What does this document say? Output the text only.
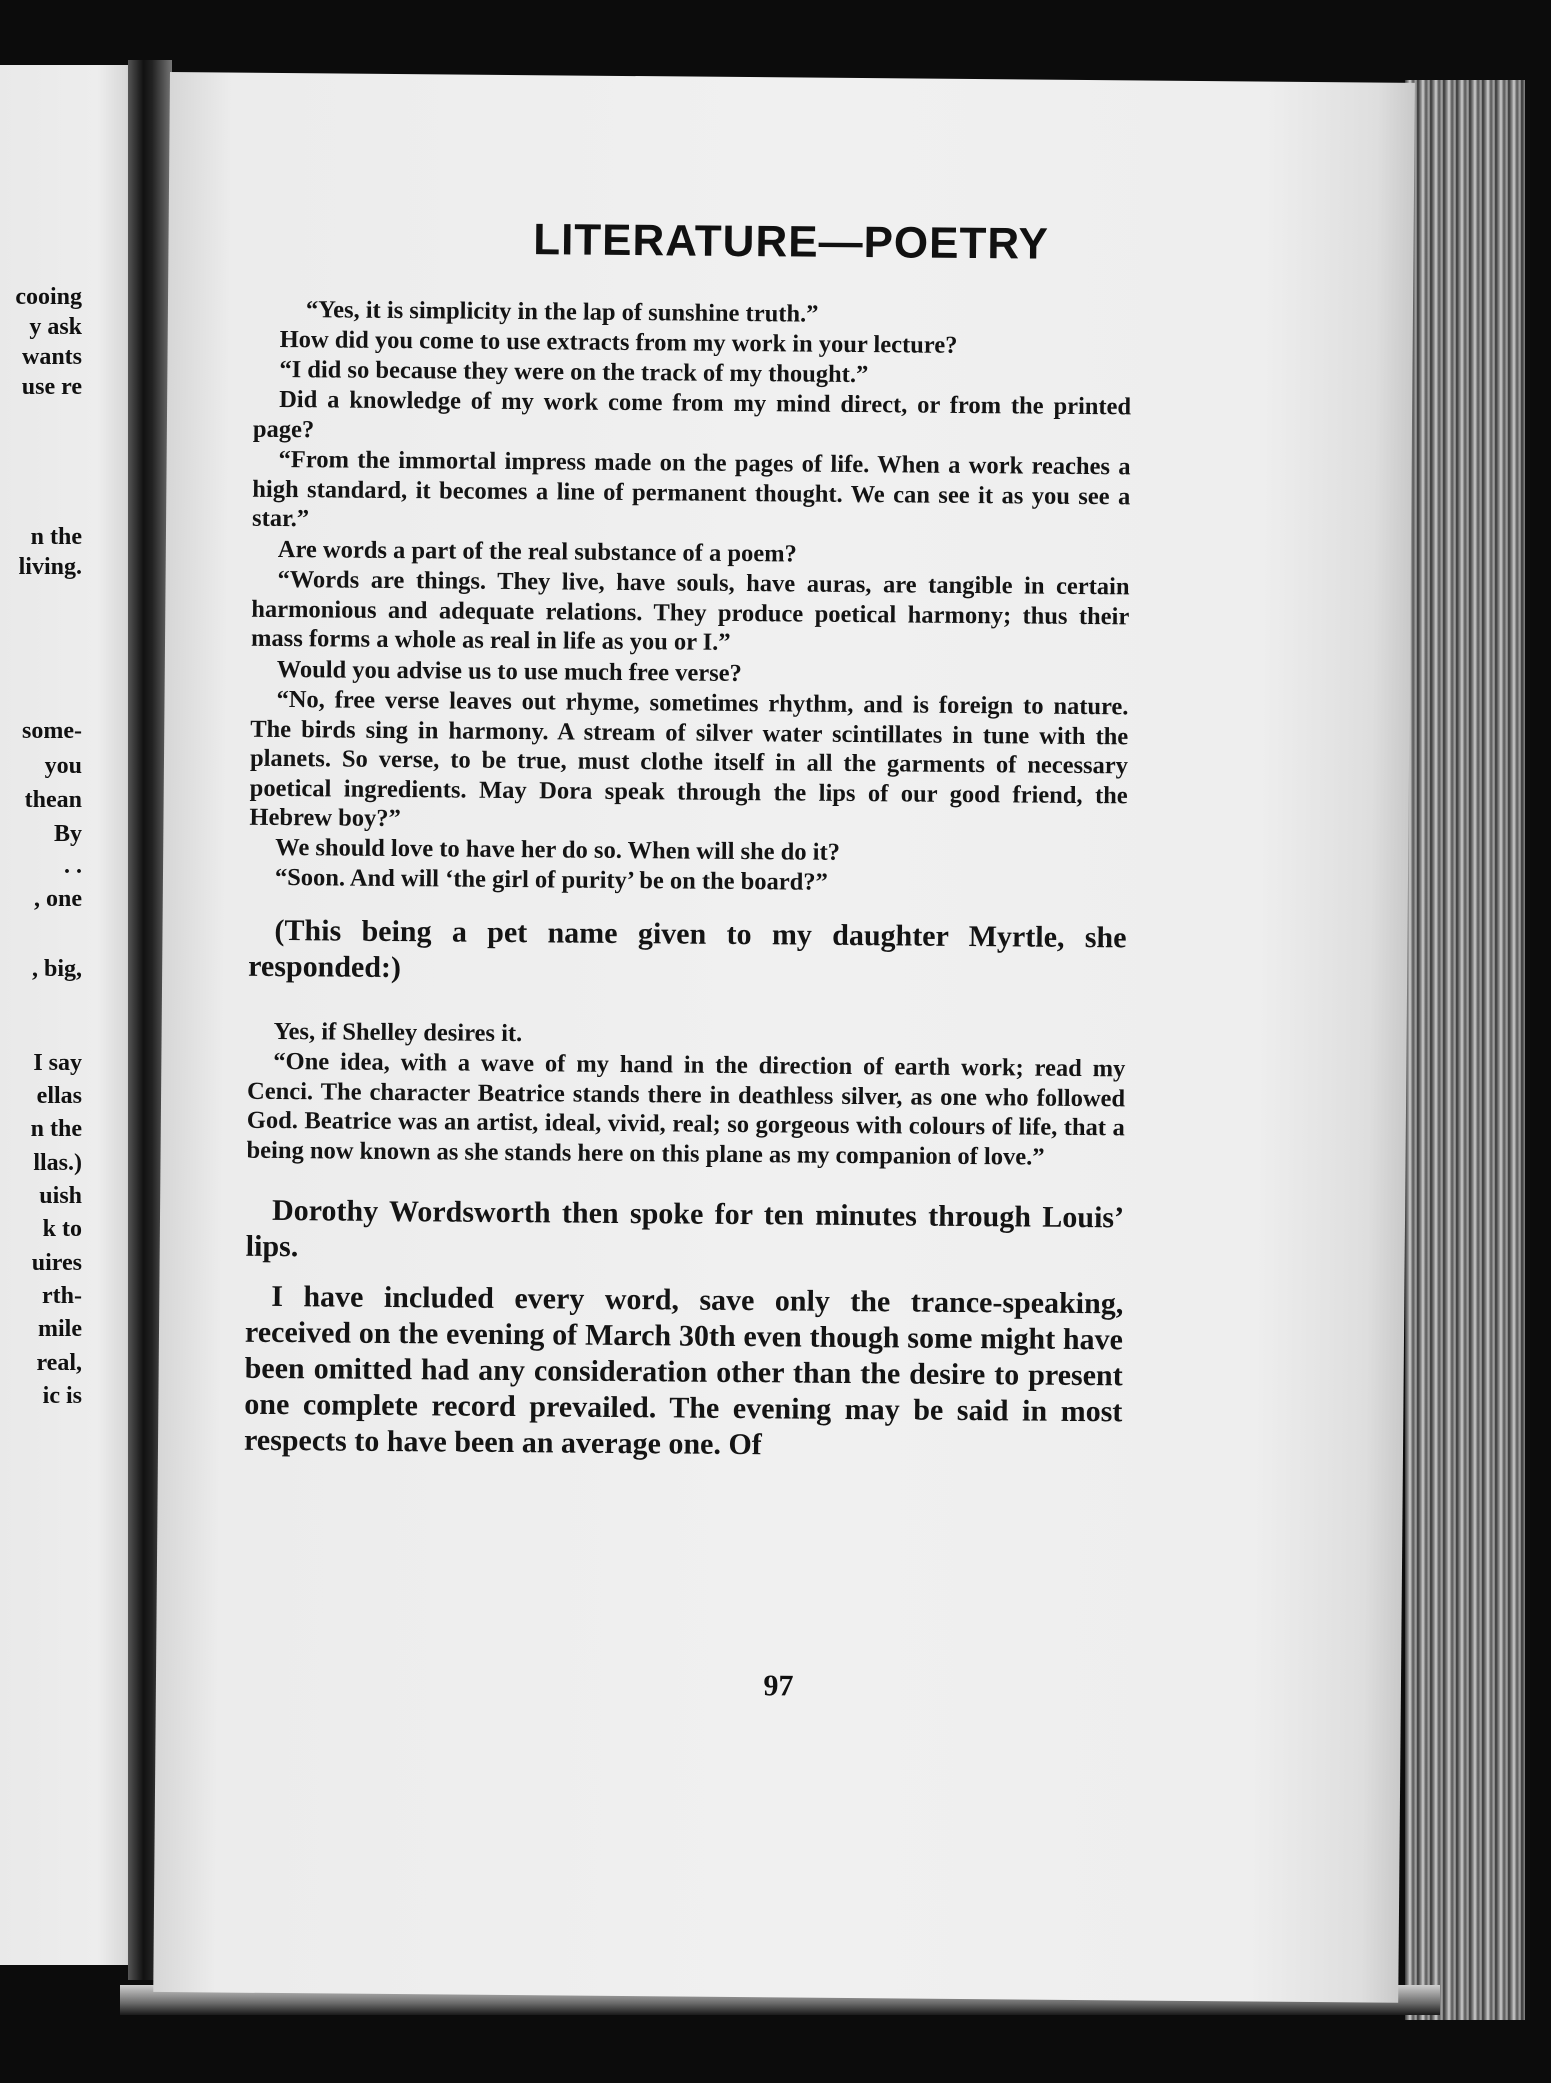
cooing
y ask
wants
use re
n the
living.
some-
you
thean
By
. .
, one
, big,
I say
ellas
n the
llas.)
uish
k to
uires
rth-
mile
real,
ic is
LITERATURE—POETRY

“Yes, it is simplicity in the lap of sunshine truth.”

How did you come to use extracts from my work in your lecture?

“I did so because they were on the track of my thought.”

Did a knowledge of my work come from my mind direct, or from the printed page?

“From the immortal impress made on the pages of life. When a work reaches a high standard, it becomes a line of permanent thought. We can see it as you see a star.”

Are words a part of the real substance of a poem?

“Words are things. They live, have souls, have auras, are tangible in certain harmonious and adequate relations. They produce poetical harmony; thus their mass forms a whole as real in life as you or I.”

Would you advise us to use much free verse?

“No, free verse leaves out rhyme, sometimes rhythm, and is foreign to nature. The birds sing in harmony. A stream of silver water scintillates in tune with the planets. So verse, to be true, must clothe itself in all the garments of necessary poetical ingredients. May Dora speak through the lips of our good friend, the Hebrew boy?”

We should love to have her do so. When will she do it?

“Soon. And will ‘the girl of purity’ be on the board?”

(This being a pet name given to my daughter Myrtle, she responded:)

Yes, if Shelley desires it.

“One idea, with a wave of my hand in the direction of earth work; read my Cenci. The character Beatrice stands there in deathless silver, as one who followed God. Beatrice was an artist, ideal, vivid, real; so gorgeous with colours of life, that a being now known as she stands here on this plane as my companion of love.”

Dorothy Wordsworth then spoke for ten minutes through Louis’ lips.

I have included every word, save only the trance-speaking, received on the evening of March 30th even though some might have been omitted had any consideration other than the desire to present one complete record prevailed. The evening may be said in most respects to have been an average one. Of

97
